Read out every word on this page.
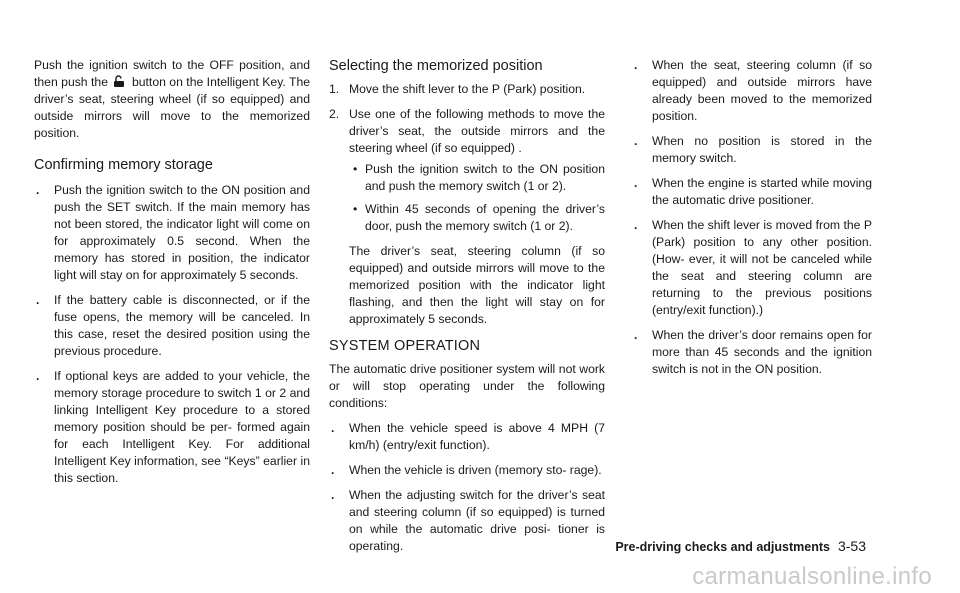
Push the ignition switch to the OFF position, and then push the button on the Intelligent Key. The driver’s seat, steering wheel (if so equipped) and outside mirrors will move to the memorized position.

Confirming memory storage
. Push the ignition switch to the ON position and push the SET switch. If the main memory has not been stored, the indicator light will come on for approximately 0.5 second. When the memory has stored in position, the indicator light will stay on for approximately 5 seconds.
. If the battery cable is disconnected, or if the fuse opens, the memory will be canceled. In this case, reset the desired position using the previous procedure.
. If optional keys are added to your vehicle, the memory storage procedure to switch 1 or 2 and linking Intelligent Key procedure to a stored memory position should be per- formed again for each Intelligent Key. For additional Intelligent Key information, see “Keys” earlier in this section.
Selecting the memorized position
1. Move the shift lever to the P (Park) position.
2. Use one of the following methods to move the driver’s seat, the outside mirrors and the steering wheel (if so equipped) .
• Push the ignition switch to the ON position and push the memory switch (1 or 2).
• Within 45 seconds of opening the driver’s door, push the memory switch (1 or 2).

The driver’s seat, steering column (if so equipped) and outside mirrors will move to the memorized position with the indicator light flashing, and then the light will stay on for approximately 5 seconds.

SYSTEM OPERATION

The automatic drive positioner system will not work or will stop operating under the following conditions:

. When the vehicle speed is above 4 MPH (7 km/h) (entry/exit function).
. When the vehicle is driven (memory sto- rage).
. When the adjusting switch for the driver’s seat and steering column (if so equipped) is turned on while the automatic drive posi- tioner is operating.
. When the seat, steering column (if so equipped) and outside mirrors have already been moved to the memorized position.
. When no position is stored in the memory switch.
. When the engine is started while moving the automatic drive positioner.
. When the shift lever is moved from the P (Park) position to any other position. (How- ever, it will not be canceled while the seat and steering column are returning to the previous positions (entry/exit function).)
. When the driver’s door remains open for more than 45 seconds and the ignition switch is not in the ON position.
Pre-driving checks and adjustments 3-53
carmanualsonline.info
